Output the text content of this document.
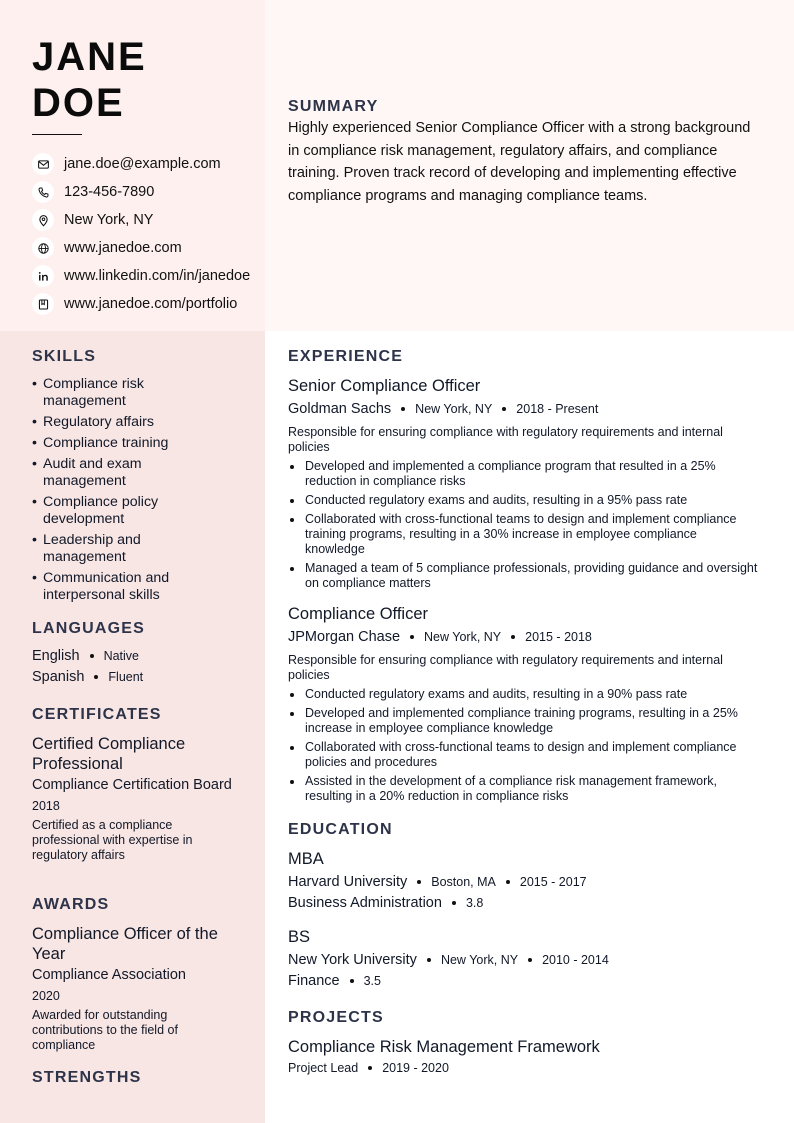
JANE
DOE
jane.doe@example.com
123-456-7890
New York, NY
www.janedoe.com
www.linkedin.com/in/janedoe
www.janedoe.com/portfolio
SUMMARY

Highly experienced Senior Compliance Officer with a strong background in compliance risk management, regulatory affairs, and compliance training. Proven track record of developing and implementing effective compliance programs and managing compliance teams.

SKILLS
• Compliance risk management
• Regulatory affairs
• Compliance training
• Audit and exam management
• Compliance policy development
• Leadership and management
• Communication and interpersonal skills
LANGUAGES
English Native
Spanish Fluent
CERTIFICATES
Certified Compliance Professional
Compliance Certification Board
2018
Certified as a compliance professional with expertise in regulatory affairs
AWARDS
Compliance Officer of the Year
Compliance Association
2020
Awarded for outstanding contributions to the field of compliance
STRENGTHS
EXPERIENCE
Senior Compliance Officer
Goldman Sachs New York, NY 2018 - Present
Responsible for ensuring compliance with regulatory requirements and internal policies
Developed and implemented a compliance program that resulted in a 25% reduction in compliance risks
Conducted regulatory exams and audits, resulting in a 95% pass rate
Collaborated with cross-functional teams to design and implement compliance training programs, resulting in a 30% increase in employee compliance knowledge
Managed a team of 5 compliance professionals, providing guidance and oversight on compliance matters
Compliance Officer
JPMorgan Chase New York, NY 2015 - 2018
Responsible for ensuring compliance with regulatory requirements and internal policies
Conducted regulatory exams and audits, resulting in a 90% pass rate
Developed and implemented compliance training programs, resulting in a 25% increase in employee compliance knowledge
Collaborated with cross-functional teams to design and implement compliance policies and procedures
Assisted in the development of a compliance risk management framework, resulting in a 20% reduction in compliance risks
EDUCATION
MBA
Harvard University Boston, MA 2015 - 2017
Business Administration 3.8
BS
New York University New York, NY 2010 - 2014
Finance 3.5
PROJECTS
Compliance Risk Management Framework
Project Lead 2019 - 2020
